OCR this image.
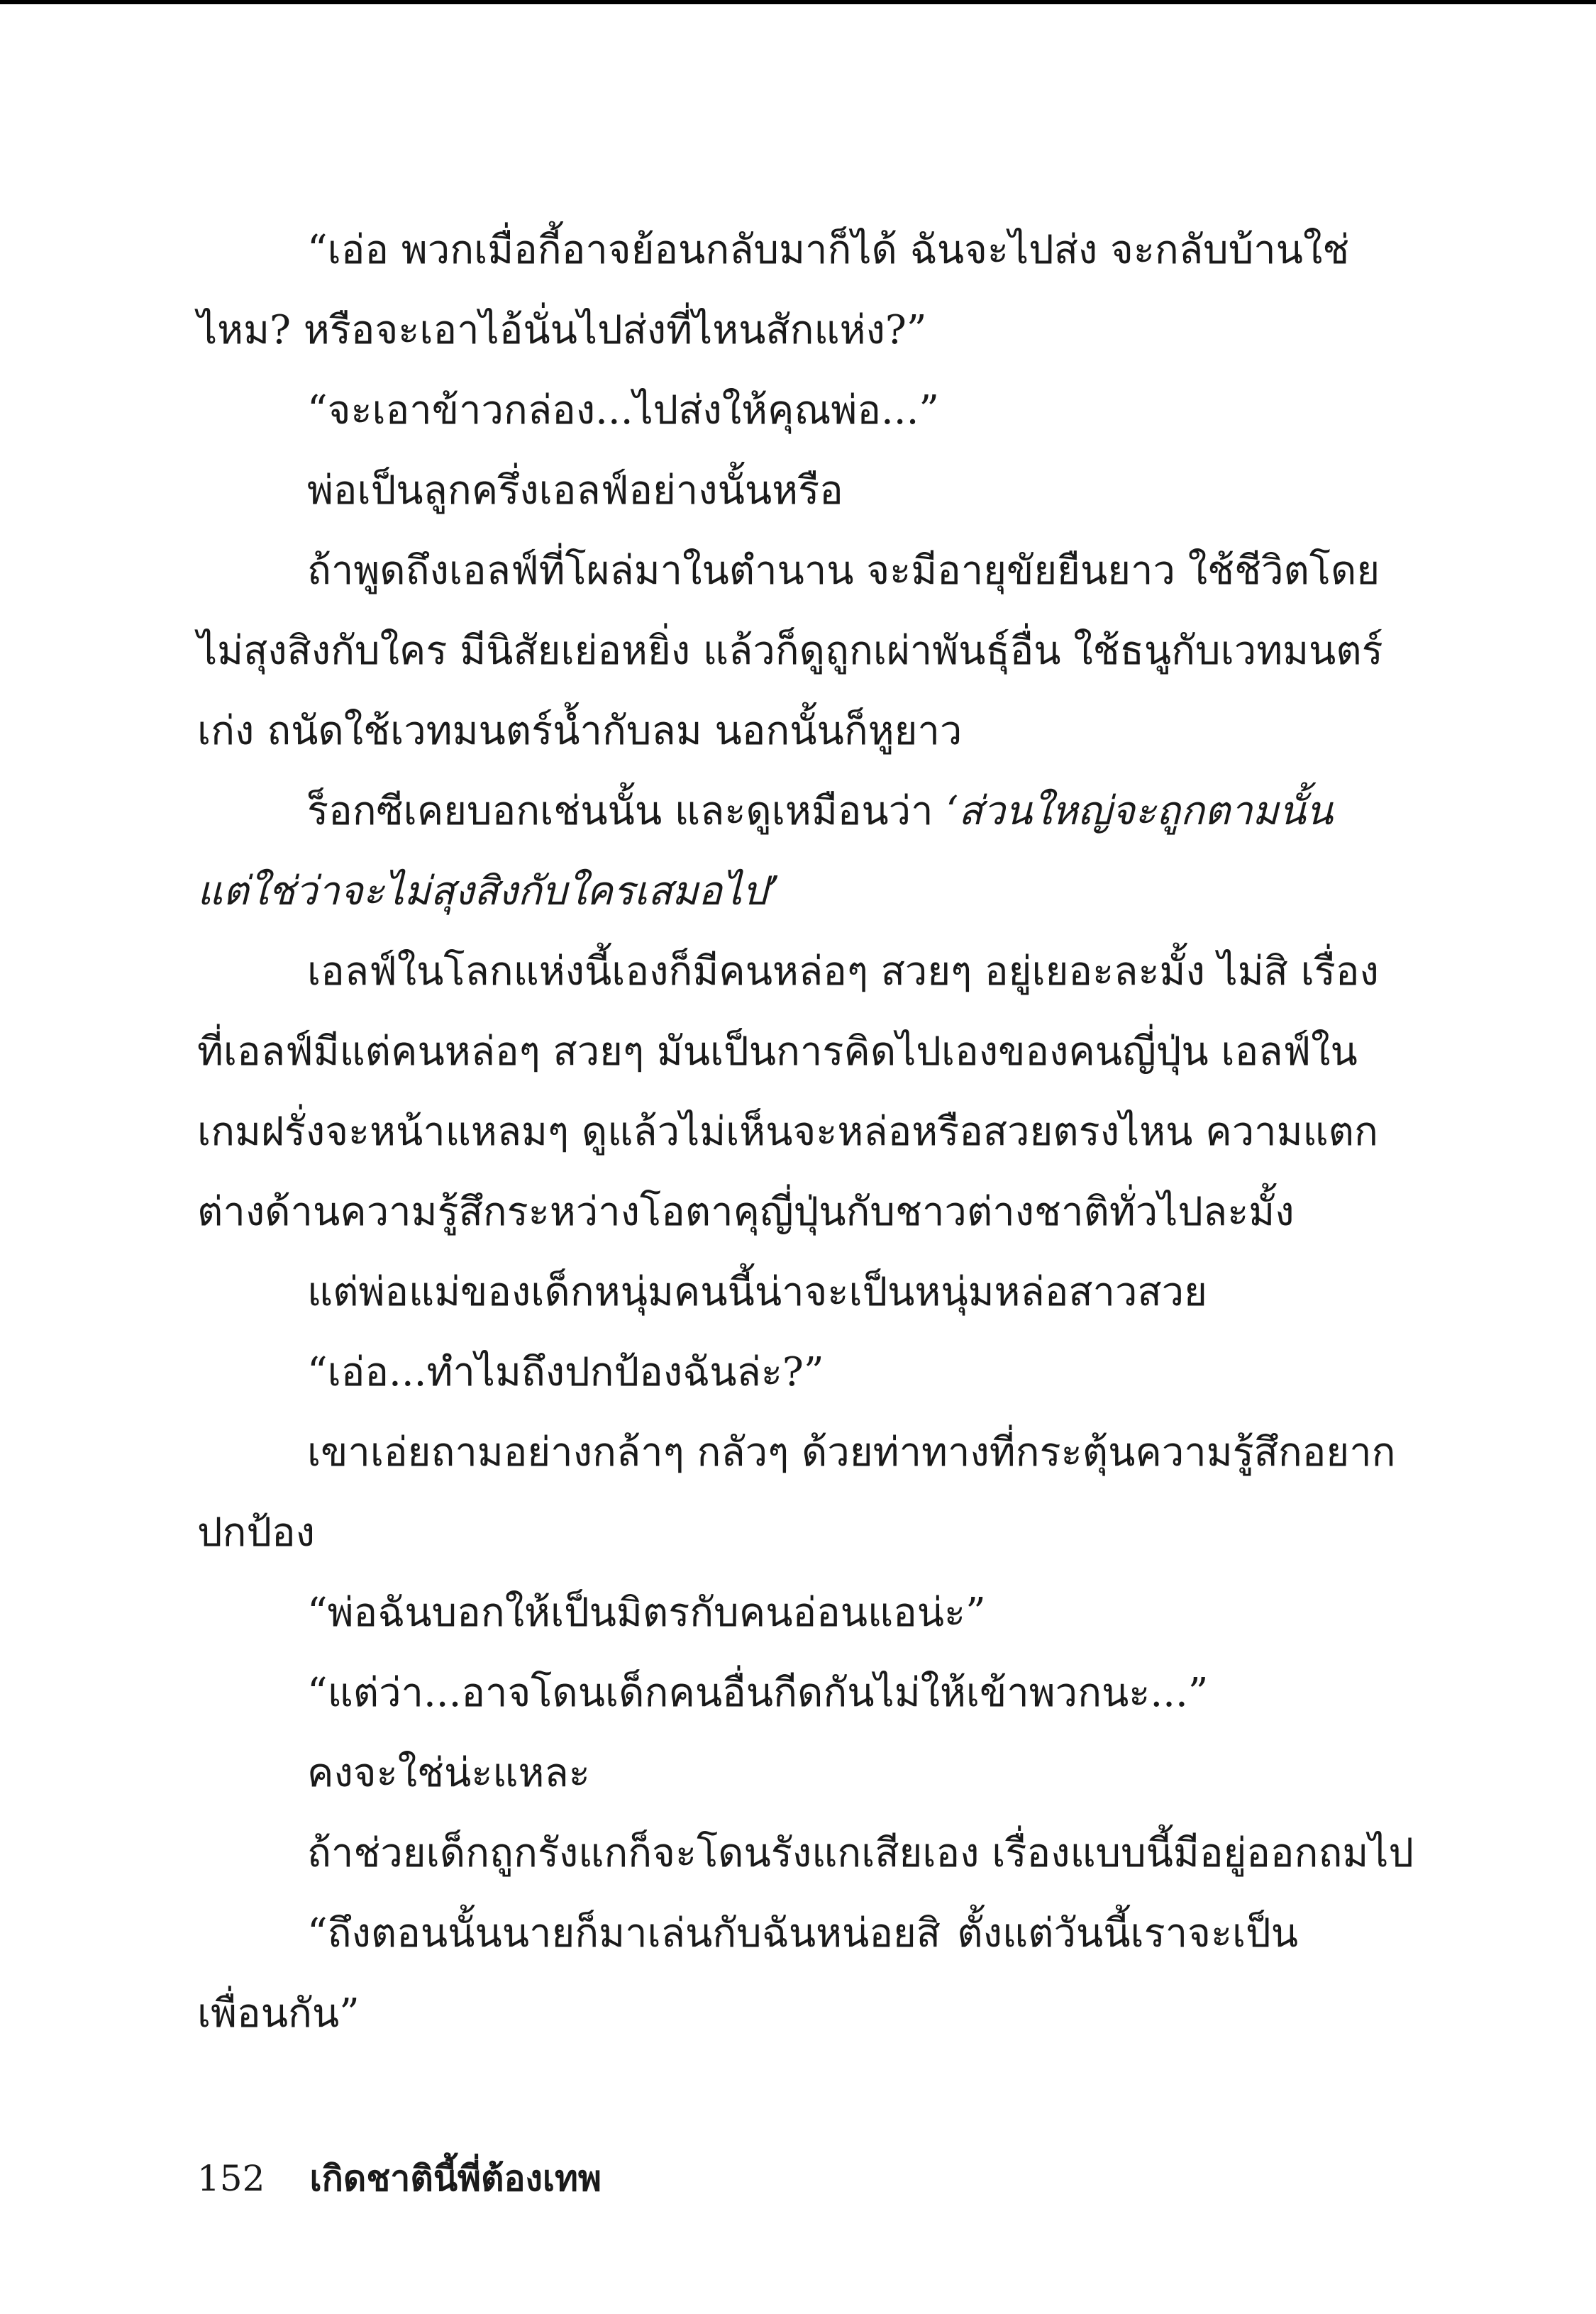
“เอ่อ พวกเมื่อกี้อาจย้อนกลับมาก็ได้ ฉันจะไปส่ง จะกลับบ้านใช่
ไหม? หรือจะเอาไอ้นั่นไปส่งที่ไหนสักแห่ง?”
“จะเอาข้าวกล่อง...ไปส่งให้คุณพ่อ...”
พ่อเป็นลูกครึ่งเอลฟ์อย่างนั้นหรือ
ถ้าพูดถึงเอลฟ์ที่โผล่มาในตำนาน จะมีอายุขัยยืนยาว ใช้ชีวิตโดย
ไม่สุงสิงกับใคร มีนิสัยเย่อหยิ่ง แล้วก็ดูถูกเผ่าพันธุ์อื่น ใช้ธนูกับเวทมนตร์
เก่ง ถนัดใช้เวทมนตร์น้ำกับลม นอกนั้นก็หูยาว
ร็อกซีเคยบอกเช่นนั้น และดูเหมือนว่า ‘ส่วนใหญ่จะถูกตามนั้น
แต่ใช่ว่าจะไม่สุงสิงกับใครเสมอไป’
เอลฟ์ในโลกแห่งนี้เองก็มีคนหล่อๆ สวยๆ อยู่เยอะละมั้ง ไม่สิ เรื่อง
ที่เอลฟ์มีแต่คนหล่อๆ สวยๆ มันเป็นการคิดไปเองของคนญี่ปุ่น เอลฟ์ใน
เกมฝรั่งจะหน้าแหลมๆ ดูแล้วไม่เห็นจะหล่อหรือสวยตรงไหน ความแตก
ต่างด้านความรู้สึกระหว่างโอตาคุญี่ปุ่นกับชาวต่างชาติทั่วไปละมั้ง
แต่พ่อแม่ของเด็กหนุ่มคนนี้น่าจะเป็นหนุ่มหล่อสาวสวย
“เอ่อ...ทำไมถึงปกป้องฉันล่ะ?”
เขาเอ่ยถามอย่างกล้าๆ กลัวๆ ด้วยท่าทางที่กระตุ้นความรู้สึกอยาก
ปกป้อง
“พ่อฉันบอกให้เป็นมิตรกับคนอ่อนแอน่ะ”
“แต่ว่า...อาจโดนเด็กคนอื่นกีดกันไม่ให้เข้าพวกนะ...”
คงจะใช่น่ะแหละ
ถ้าช่วยเด็กถูกรังแกก็จะโดนรังแกเสียเอง เรื่องแบบนี้มีอยู่ออกถมไป
“ถึงตอนนั้นนายก็มาเล่นกับฉันหน่อยสิ ตั้งแต่วันนี้เราจะเป็น
เพื่อนกัน”
152 เกิดชาตินี้พี่ต้องเทพ
